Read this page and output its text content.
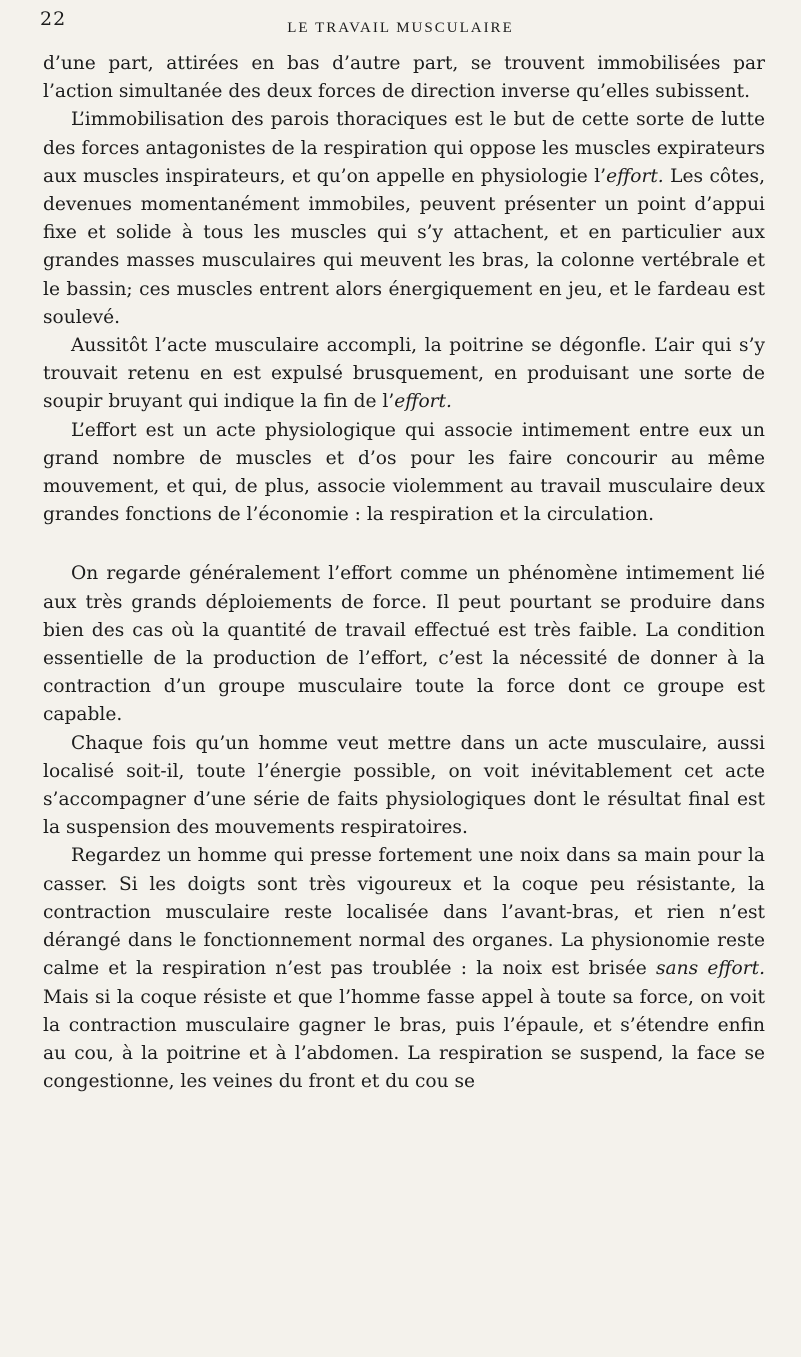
22	LE TRAVAIL MUSCULAIRE

d’une part, attirées en bas d’autre part, se trouvent immobilisées par l’action simultanée des deux forces de direction inverse qu’elles subissent.

L’immobilisation des parois thoraciques est le but de cette sorte de lutte des forces antagonistes de la respiration qui oppose les muscles expirateurs aux muscles inspirateurs, et qu’on appelle en physiologie l’effort. Les côtes, devenues momentanément immobiles, peuvent présenter un point d’appui fixe et solide à tous les muscles qui s’y attachent, et en particulier aux grandes masses musculaires qui meuvent les bras, la colonne vertébrale et le bassin; ces muscles entrent alors énergiquement en jeu, et le fardeau est soulevé.

Aussitôt l’acte musculaire accompli, la poitrine se dégonfle. L’air qui s’y trouvait retenu en est expulsé brusquement, en produisant une sorte de soupir bruyant qui indique la fin de l’effort.

L’effort est un acte physiologique qui associe intimement entre eux un grand nombre de muscles et d’os pour les faire concourir au même mouvement, et qui, de plus, associe violemment au travail musculaire deux grandes fonctions de l’économie : la respiration et la circulation.

On regarde généralement l’effort comme un phénomène intimement lié aux très grands déploiements de force. Il peut pourtant se produire dans bien des cas où la quantité de travail effectué est très faible. La condition essentielle de la production de l’effort, c’est la nécessité de donner à la contraction d’un groupe musculaire toute la force dont ce groupe est capable.

Chaque fois qu’un homme veut mettre dans un acte musculaire, aussi localisé soit-il, toute l’énergie possible, on voit inévitablement cet acte s’accompagner d’une série de faits physiologiques dont le résultat final est la suspension des mouvements respiratoires.

Regardez un homme qui presse fortement une noix dans sa main pour la casser. Si les doigts sont très vigoureux et la coque peu résistante, la contraction musculaire reste localisée dans l’avant-bras, et rien n’est dérangé dans le fonctionnement normal des organes. La physionomie reste calme et la respiration n’est pas troublée : la noix est brisée sans effort. Mais si la coque résiste et que l’homme fasse appel à toute sa force, on voit la contraction musculaire gagner le bras, puis l’épaule, et s’étendre enfin au cou, à la poitrine et à l’abdomen. La respiration se suspend, la face se congestionne, les veines du front et du cou se
